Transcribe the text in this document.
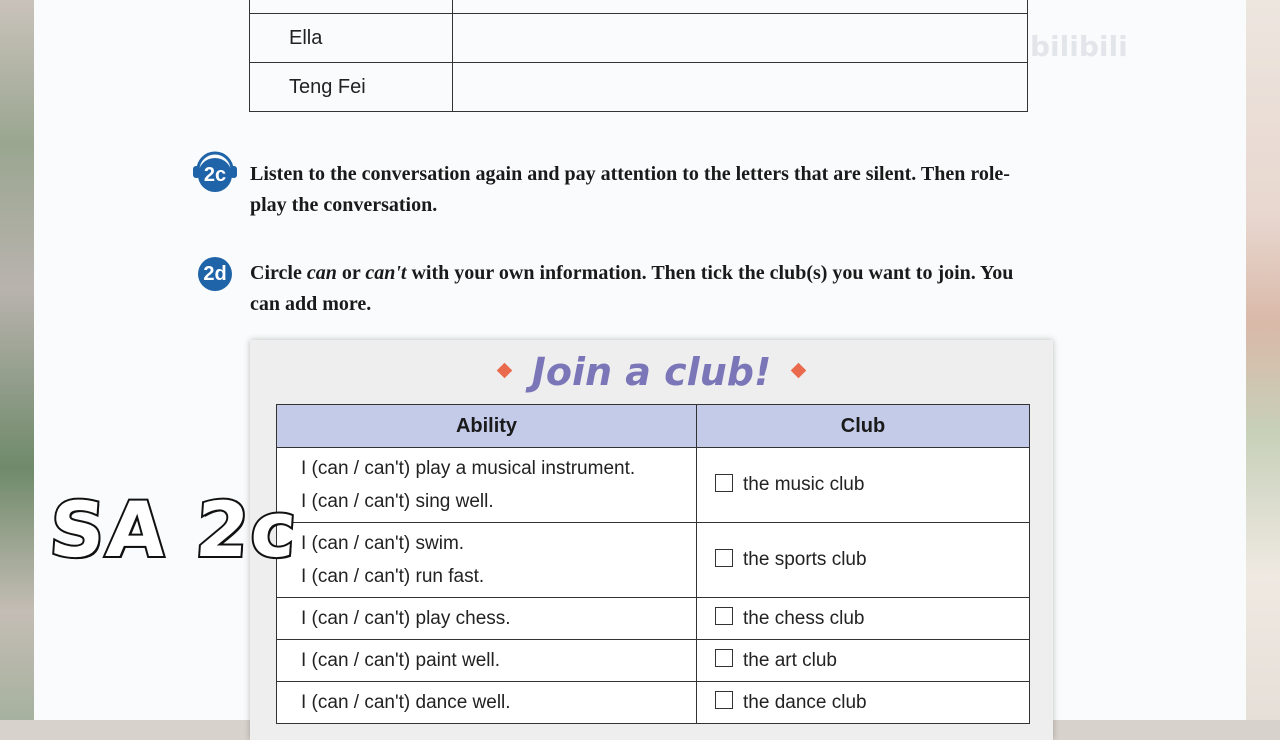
bilibili

Ella	
Teng Fei	
2c Listen to the conversation again and pay attention to the letters that are silent. Then role-play the conversation.

2d Circle can or can't with your own information. Then tick the club(s) you want to join. You can add more.

Join a club!
Ability	Club

I (can / can't) play a musical instrument.
I (can / can't) sing well.	the music club

I (can / can't) swim.
I (can / can't) run fast.	the sports club

I (can / can't) play chess.	the chess club

I (can / can't) paint well.	the art club

I (can / can't) dance well.	the dance club
SA 2c
